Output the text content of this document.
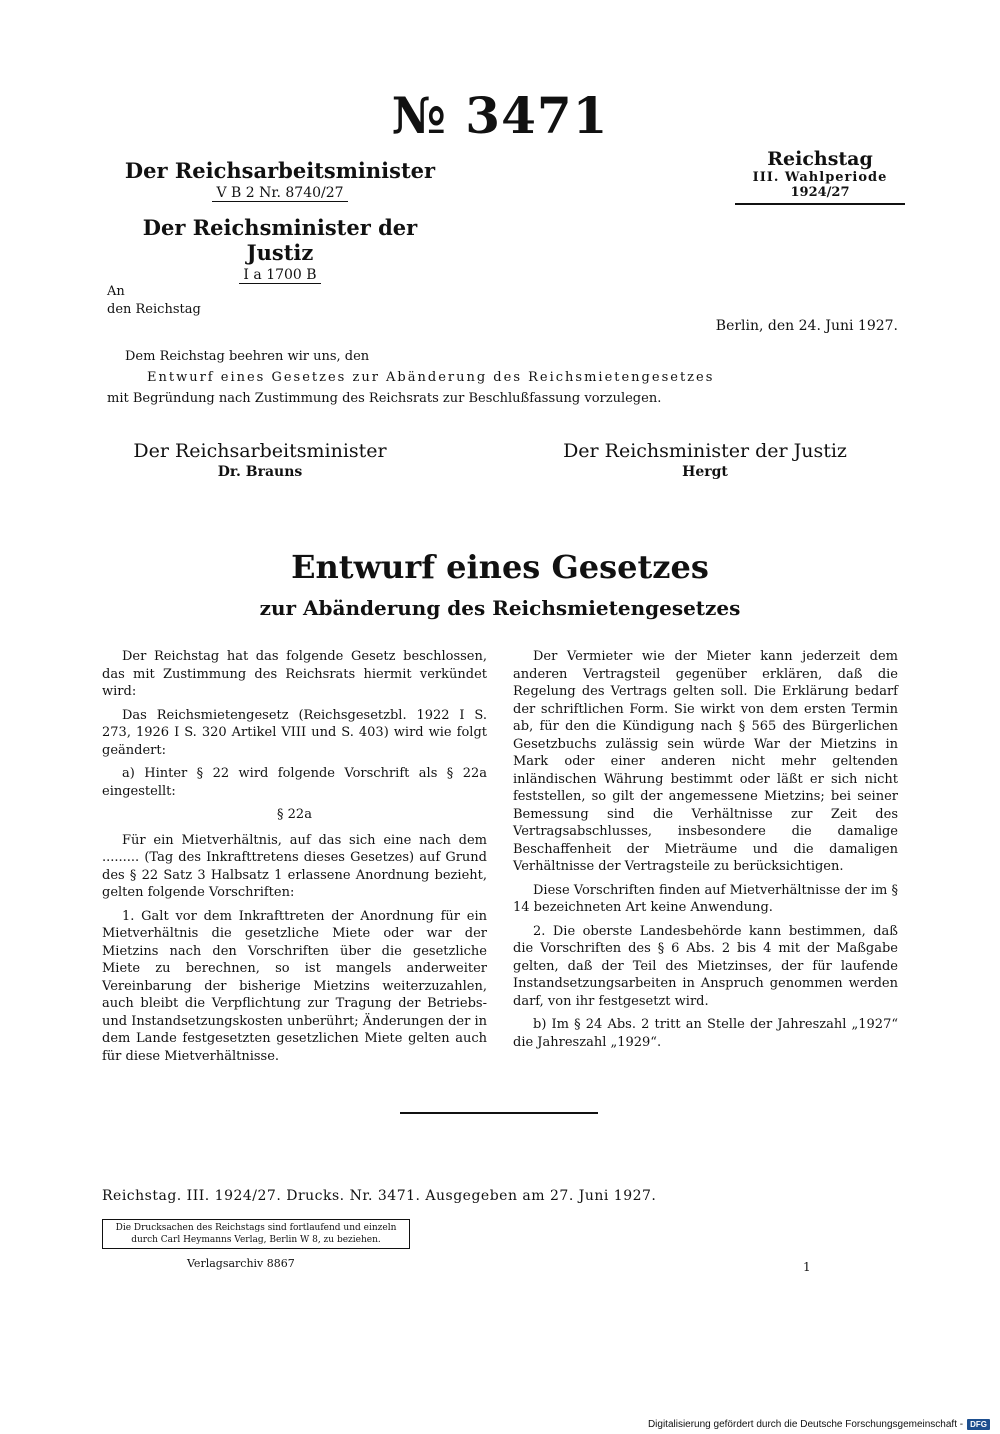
№ 3471

Der Reichsarbeitsminister

V B 2 Nr. 8740/27

Der Reichsminister der Justiz

I a 1700 B

Reichstag
III. Wahlperiode
1924/27
An
den Reichstag
Berlin, den 24. Juni 1927.

Dem Reichstag beehren wir uns, den

Entwurf eines Gesetzes zur Abänderung des Reichsmietengesetzes

mit Begründung nach Zustimmung des Reichsrats zur Beschlußfassung vorzulegen.

Der Reichsarbeitsminister
Dr. Brauns
Der Reichsminister der Justiz
Hergt
Entwurf eines Gesetzes
zur Abänderung des Reichsmietengesetzes

Der Reichstag hat das folgende Gesetz beschlossen, das mit Zustimmung des Reichsrats hiermit verkündet wird:

Das Reichsmietengesetz (Reichsgesetzbl. 1922 I S. 273, 1926 I S. 320 Artikel VIII und S. 403) wird wie folgt geändert:

a) Hinter § 22 wird folgende Vorschrift als § 22a eingestellt:

§ 22a

Für ein Mietverhältnis, auf das sich eine nach dem ......... (Tag des Inkrafttretens dieses Gesetzes) auf Grund des § 22 Satz 3 Halbsatz 1 erlassene Anordnung bezieht, gelten folgende Vorschriften:

1. Galt vor dem Inkrafttreten der Anordnung für ein Mietverhältnis die gesetzliche Miete oder war der Mietzins nach den Vorschriften über die gesetzliche Miete zu berechnen, so ist mangels anderweiter Vereinbarung der bisherige Mietzins weiterzuzahlen, auch bleibt die Verpflichtung zur Tragung der Betriebs- und Instandsetzungskosten unberührt; Änderungen der in dem Lande festgesetzten gesetzlichen Miete gelten auch für diese Mietverhältnisse.

Der Vermieter wie der Mieter kann jederzeit dem anderen Vertragsteil gegenüber erklären, daß die Regelung des Vertrags gelten soll. Die Erklärung bedarf der schriftlichen Form. Sie wirkt von dem ersten Termin ab, für den die Kündigung nach § 565 des Bürgerlichen Gesetzbuchs zulässig sein würde War der Mietzins in Mark oder einer anderen nicht mehr geltenden inländischen Währung bestimmt oder läßt er sich nicht feststellen, so gilt der angemessene Mietzins; bei seiner Bemessung sind die Verhältnisse zur Zeit des Vertragsabschlusses, insbesondere die damalige Beschaffenheit der Mieträume und die damaligen Verhältnisse der Vertragsteile zu berücksichtigen.

Diese Vorschriften finden auf Mietverhältnisse der im § 14 bezeichneten Art keine Anwendung.

2. Die oberste Landesbehörde kann bestimmen, daß die Vorschriften des § 6 Abs. 2 bis 4 mit der Maßgabe gelten, daß der Teil des Mietzinses, der für laufende Instandsetzungsarbeiten in Anspruch genommen werden darf, von ihr festgesetzt wird.

b) Im § 24 Abs. 2 tritt an Stelle der Jahreszahl „1927“ die Jahreszahl „1929“.

Reichstag. III. 1924/27. Drucks. Nr. 3471. Ausgegeben am 27. Juni 1927.
Die Drucksachen des Reichstags sind fortlaufend und einzeln
durch Carl Heymanns Verlag, Berlin W 8, zu beziehen.
Verlagsarchiv 8867	1
Digitalisierung gefördert durch die Deutsche Forschungsgemeinschaft - DFG
